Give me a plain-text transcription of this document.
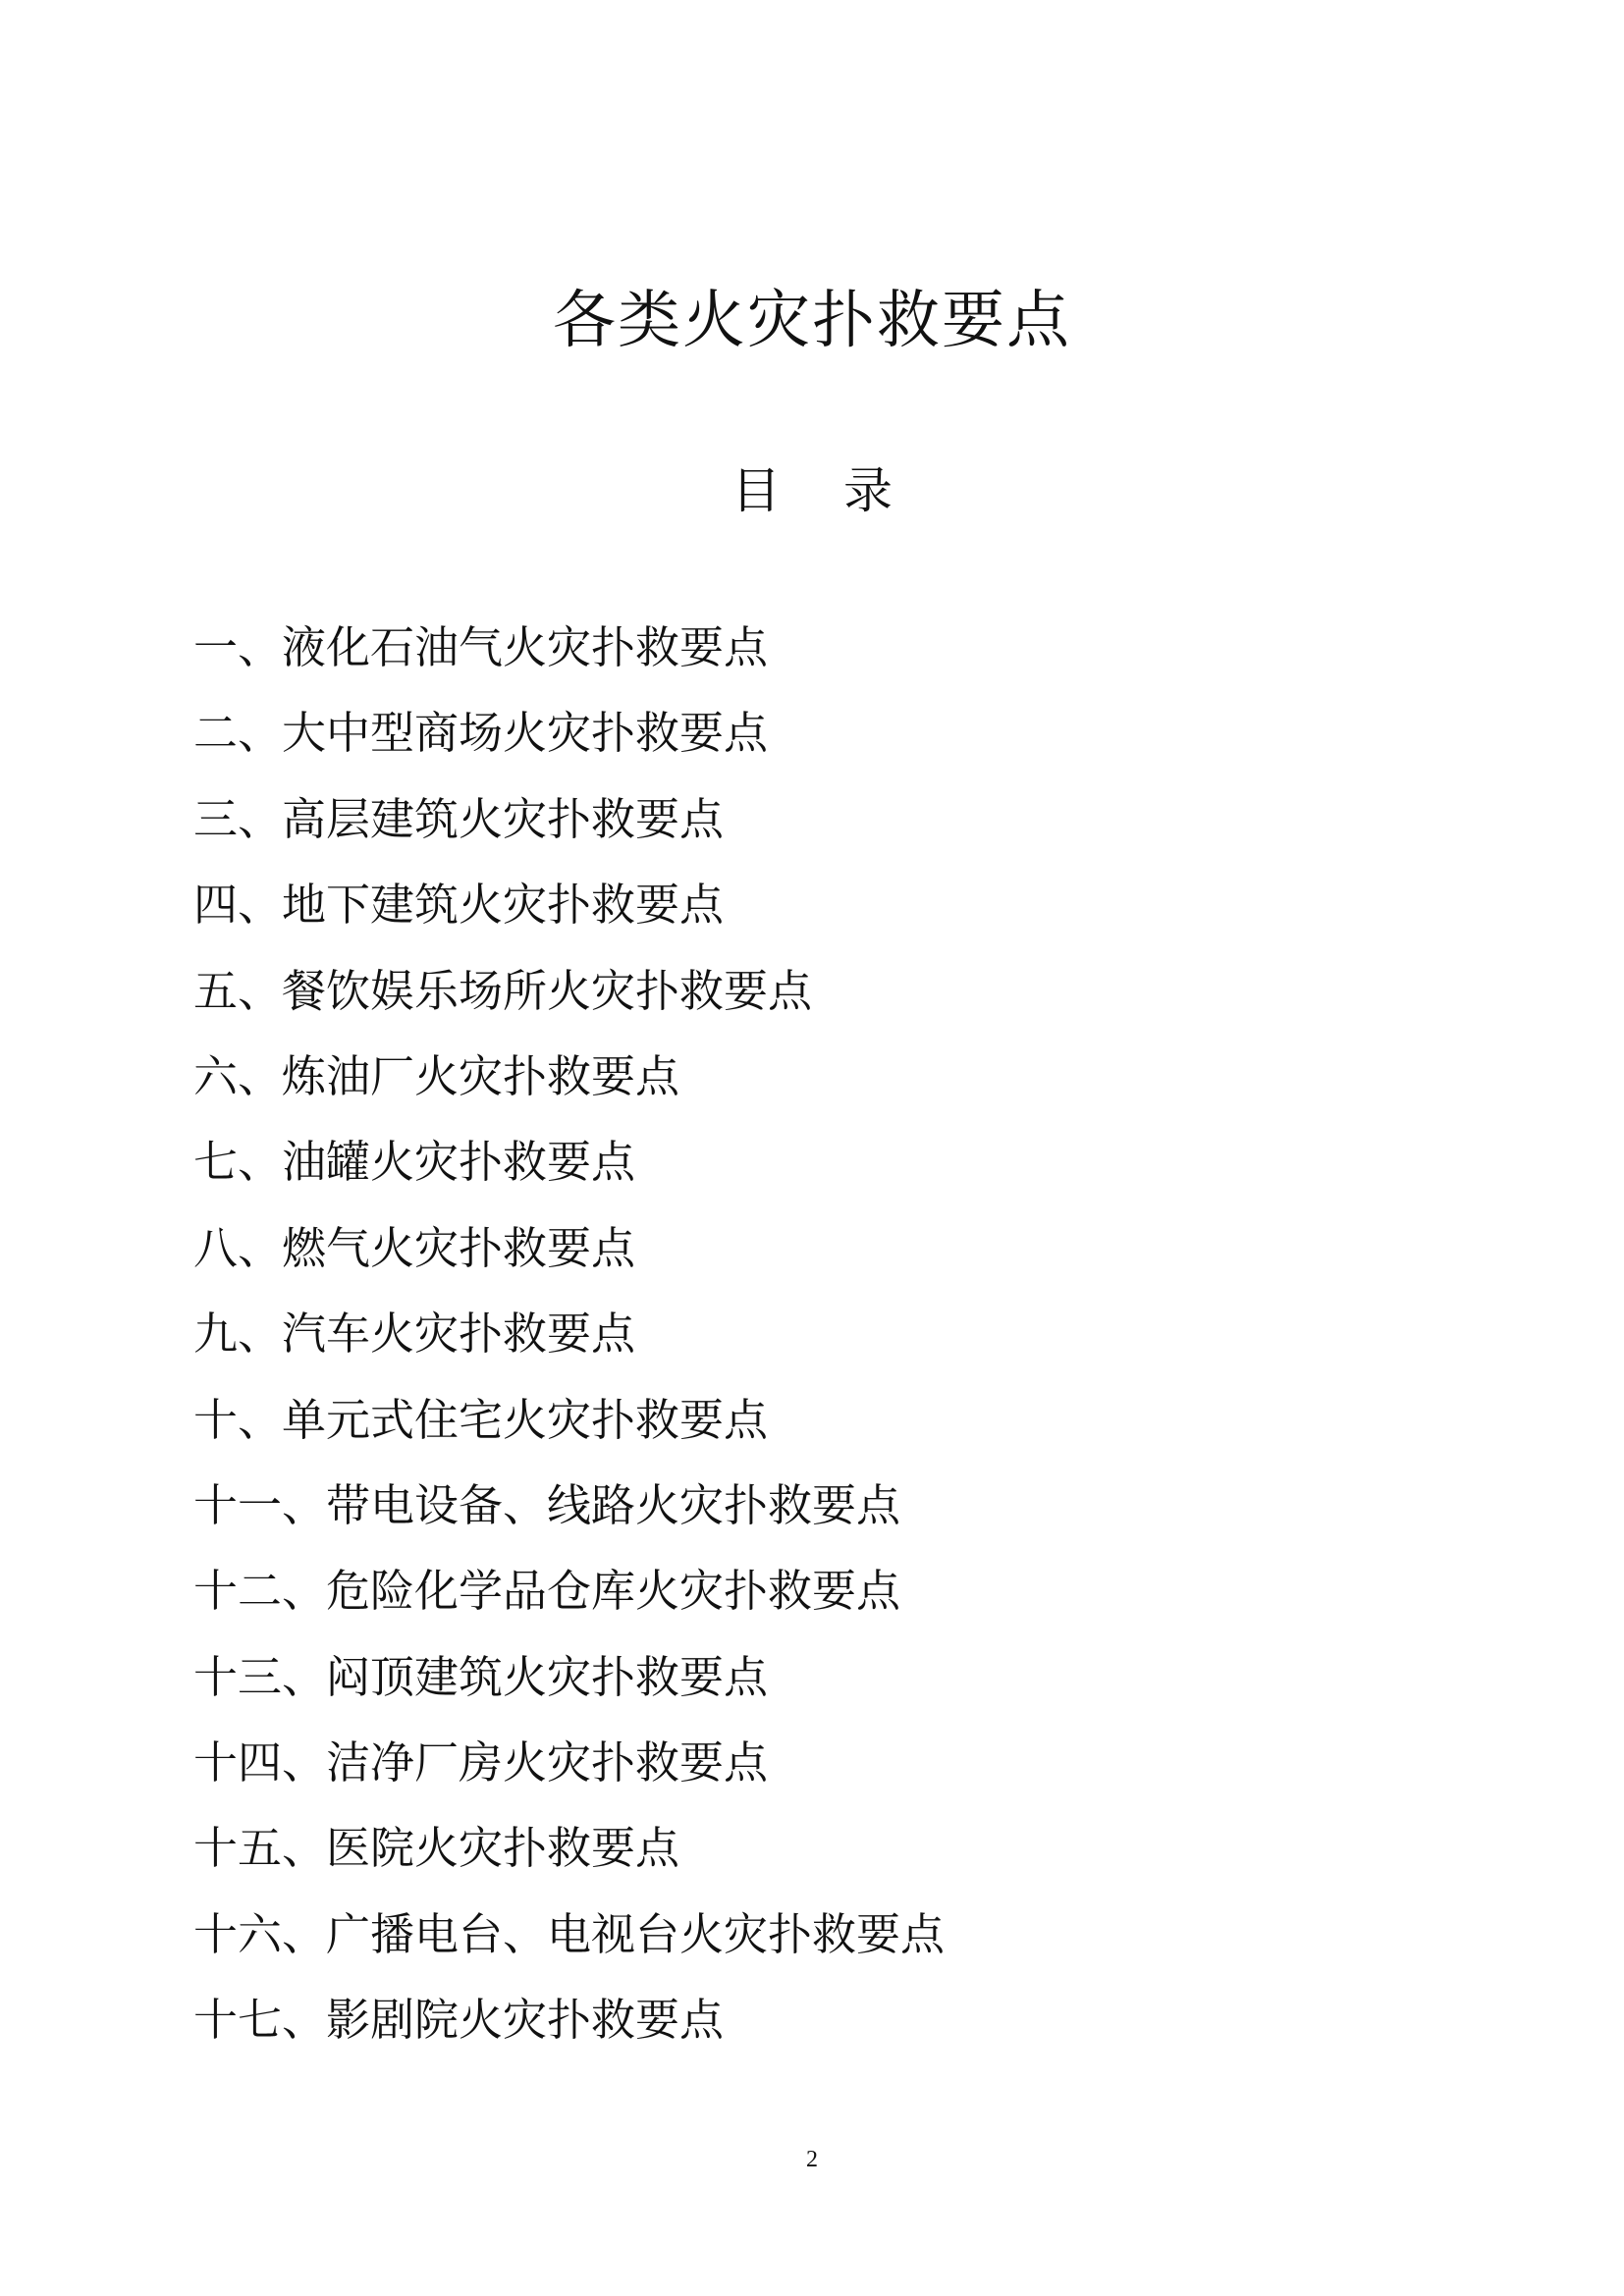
各类火灾扑救要点
目 录
一、液化石油气火灾扑救要点
二、大中型商场火灾扑救要点
三、高层建筑火灾扑救要点
四、地下建筑火灾扑救要点
五、餐饮娱乐场所火灾扑救要点
六、炼油厂火灾扑救要点
七、油罐火灾扑救要点
八、燃气火灾扑救要点
九、汽车火灾扑救要点
十、单元式住宅火灾扑救要点
十一、带电设备、线路火灾扑救要点
十二、危险化学品仓库火灾扑救要点
十三、闷顶建筑火灾扑救要点
十四、洁净厂房火灾扑救要点
十五、医院火灾扑救要点
十六、广播电台、电视台火灾扑救要点
十七、影剧院火灾扑救要点
2
